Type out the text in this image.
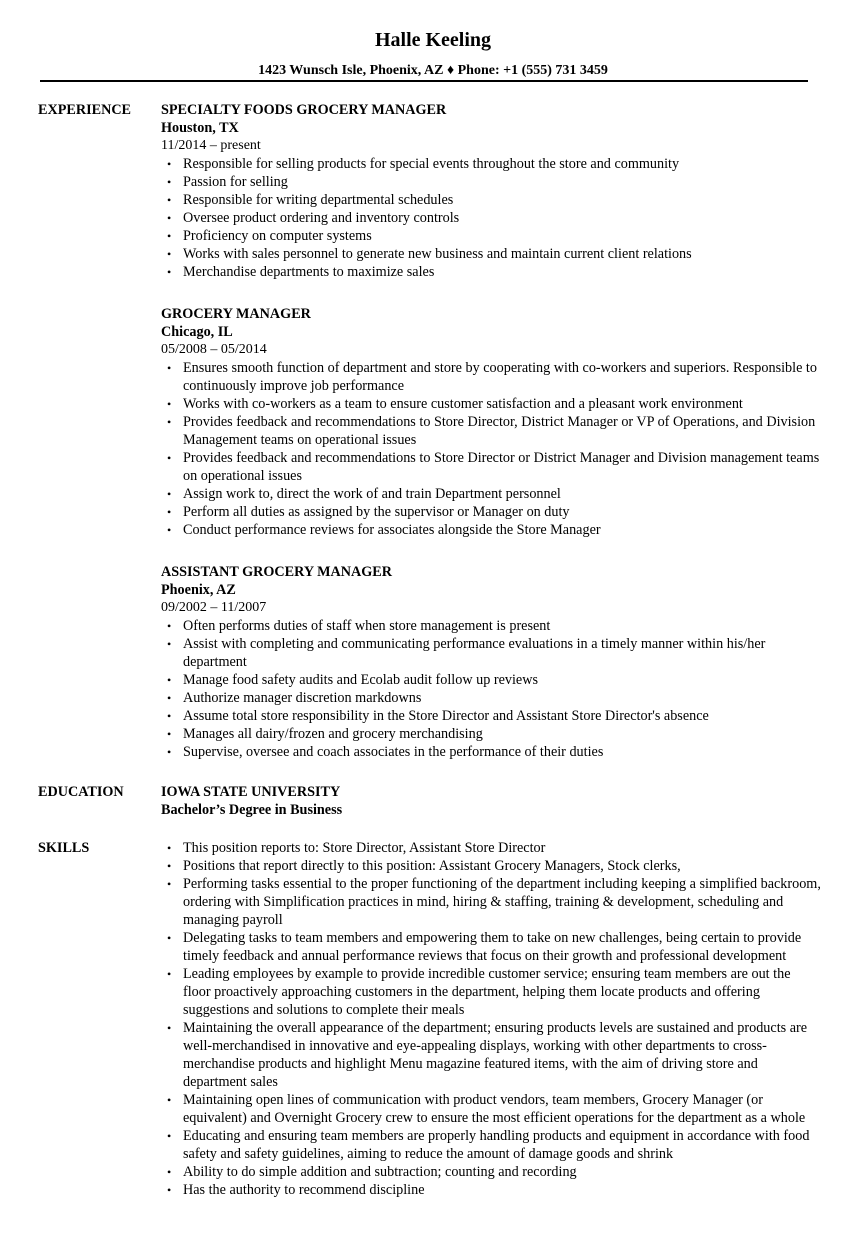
Halle Keeling
1423 Wunsch Isle, Phoenix, AZ ♦ Phone: +1 (555) 731 3459
EXPERIENCE SPECIALTY FOODS GROCERY MANAGER
Houston, TX
11/2014 – present
• Responsible for selling products for special events throughout the store and community
• Passion for selling
• Responsible for writing departmental schedules
• Oversee product ordering and inventory controls
• Proficiency on computer systems
• Works with sales personnel to generate new business and maintain current client relations
• Merchandise departments to maximize sales
GROCERY MANAGER
Chicago, IL
05/2008 – 05/2014
• Ensures smooth function of department and store by cooperating with co-workers and superiors. Responsible to continuously improve job performance
• Works with co-workers as a team to ensure customer satisfaction and a pleasant work environment
• Provides feedback and recommendations to Store Director, District Manager or VP of Operations, and Division Management teams on operational issues
• Provides feedback and recommendations to Store Director or District Manager and Division management teams on operational issues
• Assign work to, direct the work of and train Department personnel
• Perform all duties as assigned by the supervisor or Manager on duty
• Conduct performance reviews for associates alongside the Store Manager
ASSISTANT GROCERY MANAGER
Phoenix, AZ
09/2002 – 11/2007
• Often performs duties of staff when store management is present
• Assist with completing and communicating performance evaluations in a timely manner within his/her department
• Manage food safety audits and Ecolab audit follow up reviews
• Authorize manager discretion markdowns
• Assume total store responsibility in the Store Director and Assistant Store Director's absence
• Manages all dairy/frozen and grocery merchandising
• Supervise, oversee and coach associates in the performance of their duties
EDUCATION	IOWA STATE UNIVERSITY
Bachelor’s Degree in Business
SKILLS
•	This position reports to: Store Director, Assistant Store Director
• Positions that report directly to this position: Assistant Grocery Managers, Stock clerks,
• Performing tasks essential to the proper functioning of the department including keeping a simplified backroom, ordering with Simplification practices in mind, hiring & staffing, training & development, scheduling and managing payroll
• Delegating tasks to team members and empowering them to take on new challenges, being certain to provide timely feedback and annual performance reviews that focus on their growth and professional development
• Leading employees by example to provide incredible customer service; ensuring team members are out the floor proactively approaching customers in the department, helping them locate products and offering suggestions and solutions to complete their meals
• Maintaining the overall appearance of the department; ensuring products levels are sustained and products are well-merchandised in innovative and eye-appealing displays, working with other departments to cross-merchandise products and highlight Menu magazine featured items, with the aim of driving store and department sales
• Maintaining open lines of communication with product vendors, team members, Grocery Manager (or equivalent) and Overnight Grocery crew to ensure the most efficient operations for the department as a whole
• Educating and ensuring team members are properly handling products and equipment in accordance with food safety and safety guidelines, aiming to reduce the amount of damage goods and shrink
• Ability to do simple addition and subtraction; counting and recording
• Has the authority to recommend discipline
